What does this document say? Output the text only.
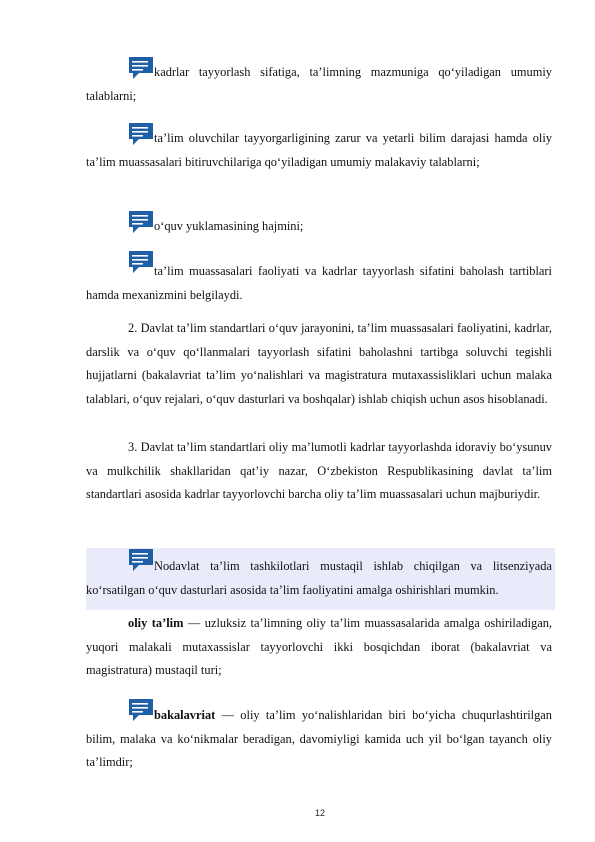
kadrlar tayyorlash sifatiga, ta’limning mazmuniga qo‘yiladigan umumiy talablarni;
ta’lim oluvchilar tayyorgarligining zarur va yetarli bilim darajasi hamda oliy ta’lim muassasalari bitiruvchilariga qo‘yiladigan umumiy malakaviy talablarni;
o‘quv yuklamasining hajmini;
ta’lim muassasalari faoliyati va kadrlar tayyorlash sifatini baholash tartiblari hamda mexanizmini belgilaydi.
2. Davlat ta’lim standartlari o‘quv jarayonini, ta’lim muassasalari faoliyatini, kadrlar, darslik va o‘quv qo‘llanmalari tayyorlash sifatini baholashni tartibga soluvchi tegishli hujjatlarni (bakalavriat ta’lim yo‘nalishlari va magistratura mutaxassisliklari uchun malaka talablari, o‘quv rejalari, o‘quv dasturlari va boshqalar) ishlab chiqish uchun asos hisoblanadi.
3. Davlat ta’lim standartlari oliy ma’lumotli kadrlar tayyorlashda idoraviy bo‘ysunuv va mulkchilik shakllaridan qat’iy nazar, O‘zbekiston Respublikasining davlat ta’lim standartlari asosida kadrlar tayyorlovchi barcha oliy ta’lim muassasalari uchun majburiydir.
Nodavlat ta’lim tashkilotlari mustaqil ishlab chiqilgan va litsenziyada ko‘rsatilgan o‘quv dasturlari asosida ta’lim faoliyatini amalga oshirishlari mumkin.
oliy ta’lim — uzluksiz ta’limning oliy ta’lim muassasalarida amalga oshiriladigan, yuqori malakali mutaxassislar tayyorlovchi ikki bosqichdan iborat (bakalavriat va magistratura) mustaqil turi;
bakalavriat — oliy ta’lim yo‘nalishlaridan biri bo‘yicha chuqurlashtirilgan bilim, malaka va ko‘nikmalar beradigan, davomiyligi kamida uch yil bo‘lgan tayanch oliy ta’limdir;
12
